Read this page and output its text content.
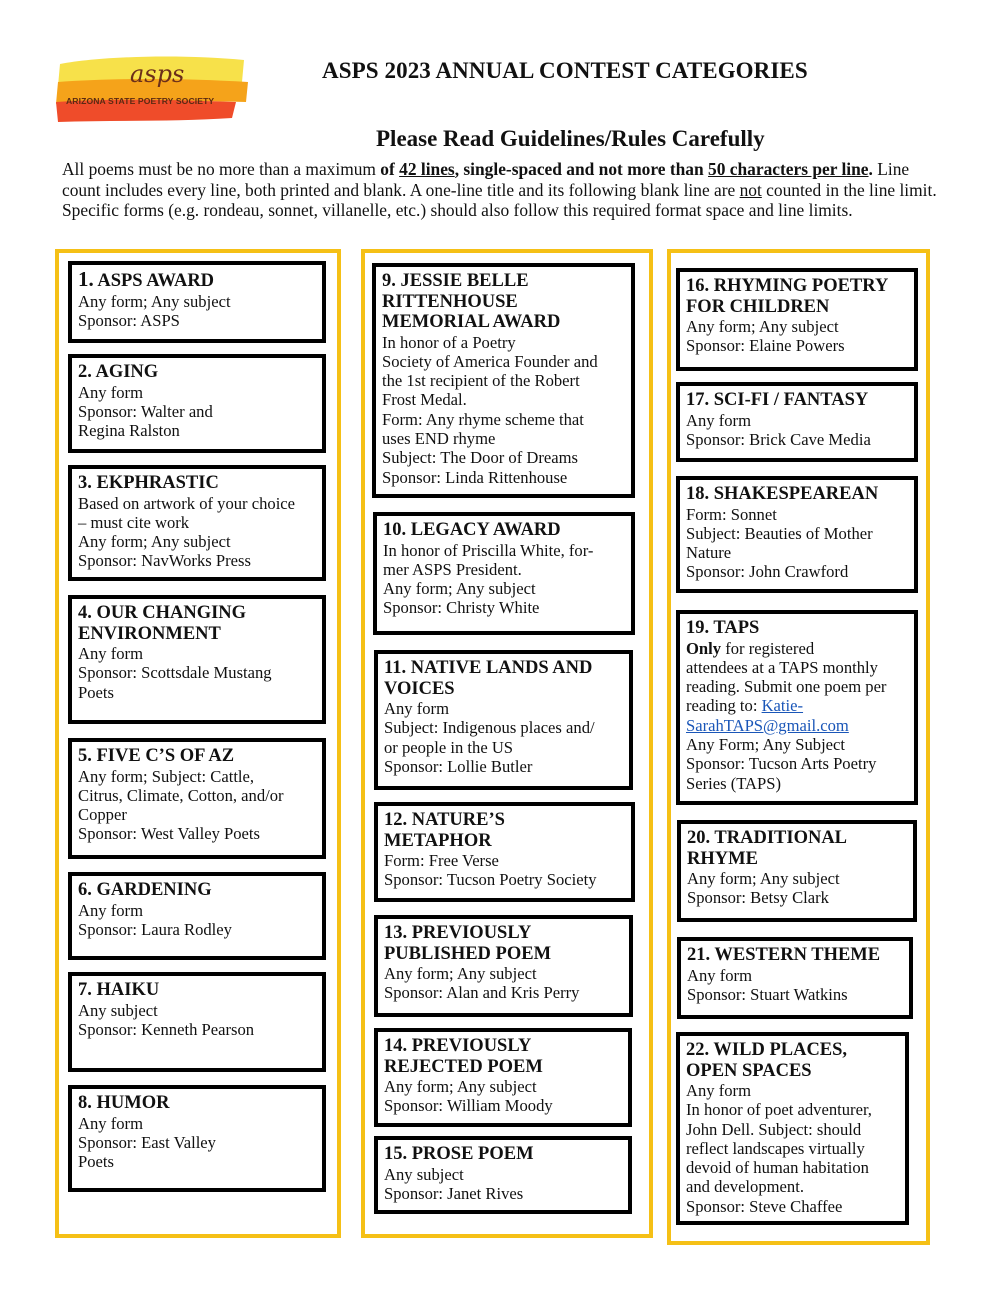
asps
ARIZONA STATE POETRY SOCIETY
ASPS 2023 ANNUAL CONTEST CATEGORIES
Please Read Guidelines/Rules Carefully

All poems must be no more than a maximum of 42 lines, single-spaced and not more than 50 characters per line. Line count includes every line, both printed and blank. A one-line title and its following blank line are not counted in the line limit. Specific forms (e.g. rondeau, sonnet, villanelle, etc.) should also follow this required format space and line limits.

1. ASPS AWARD
Any form; Any subject
Sponsor: ASPS
2. AGING
Any form
Sponsor: Walter and
Regina Ralston
3. EKPHRASTIC
Based on artwork of your choice
– must cite work
Any form; Any subject
Sponsor: NavWorks Press
4. OUR CHANGING
ENVIRONMENT
Any form
Sponsor: Scottsdale Mustang
Poets
5. FIVE C’S OF AZ
Any form; Subject: Cattle,
Citrus, Climate, Cotton, and/or
Copper
Sponsor: West Valley Poets
6. GARDENING
Any form
Sponsor: Laura Rodley
7. HAIKU
Any subject
Sponsor: Kenneth Pearson
8. HUMOR
Any form
Sponsor: East Valley
Poets
9. JESSIE BELLE
RITTENHOUSE
MEMORIAL AWARD
In honor of a Poetry
Society of America Founder and
the 1st recipient of the Robert
Frost Medal.
Form: Any rhyme scheme that
uses END rhyme
Subject: The Door of Dreams
Sponsor: Linda Rittenhouse
10. LEGACY AWARD
In honor of Priscilla White, for-
mer ASPS President.
Any form; Any subject
Sponsor: Christy White
11. NATIVE LANDS AND
VOICES
Any form
Subject: Indigenous places and/
or people in the US
Sponsor: Lollie Butler
12. NATURE’S
METAPHOR
Form: Free Verse
Sponsor: Tucson Poetry Society
13. PREVIOUSLY
PUBLISHED POEM
Any form; Any subject
Sponsor: Alan and Kris Perry
14. PREVIOUSLY
REJECTED POEM
Any form; Any subject
Sponsor: William Moody
15. PROSE POEM
Any subject
Sponsor: Janet Rives
16. RHYMING POETRY
FOR CHILDREN
Any form; Any subject
Sponsor: Elaine Powers
17. SCI-FI / FANTASY
Any form
Sponsor: Brick Cave Media
18. SHAKESPEAREAN
Form: Sonnet
Subject: Beauties of Mother
Nature
Sponsor: John Crawford
19. TAPS
Only for registered
attendees at a TAPS monthly
reading. Submit one poem per
reading to: Katie-
SarahTAPS@gmail.com
Any Form; Any Subject
Sponsor: Tucson Arts Poetry
Series (TAPS)
20. TRADITIONAL
RHYME
Any form; Any subject
Sponsor: Betsy Clark
21. WESTERN THEME
Any form
Sponsor: Stuart Watkins
22. WILD PLACES,
OPEN SPACES
Any form
In honor of poet adventurer,
John Dell. Subject: should
reflect landscapes virtually
devoid of human habitation
and development.
Sponsor: Steve Chaffee
